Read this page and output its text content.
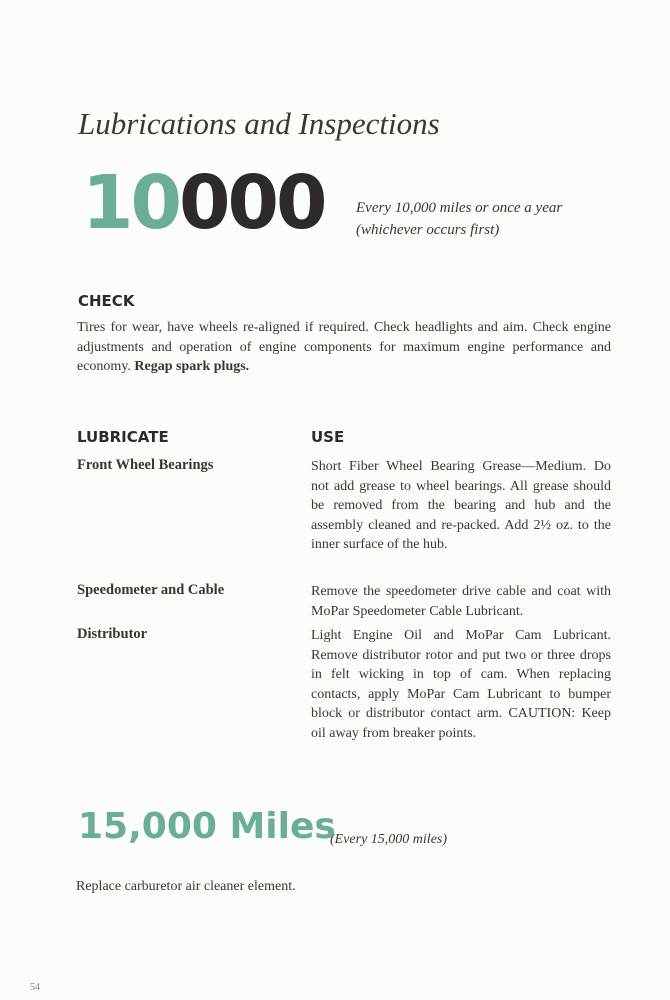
Lubrications and Inspections
10000 Every 10,000 miles or once a year
(whichever occurs first)
CHECK
Tires for wear, have wheels re-aligned if required. Check headlights and aim. Check engine adjustments and operation of engine components for maximum engine performance and economy. Regap spark plugs.
LUBRICATE	USE
Front Wheel Bearings	Short Fiber Wheel Bearing Grease—Medium. Do not add grease to wheel bearings. All grease should be removed from the bearing and hub and the assembly cleaned and re-packed. Add 2½ oz. to the inner surface of the hub.
Speedometer and Cable	Remove the speedometer drive cable and coat with MoPar Speedometer Cable Lubricant.
Distributor	Light Engine Oil and MoPar Cam Lubricant. Remove distributor rotor and put two or three drops in felt wicking in top of cam. When replacing contacts, apply MoPar Cam Lubricant to bumper block or distributor contact arm. CAUTION: Keep oil away from breaker points.
15,000 Miles
(Every 15,000 miles)
Replace carburetor air cleaner element.
54
